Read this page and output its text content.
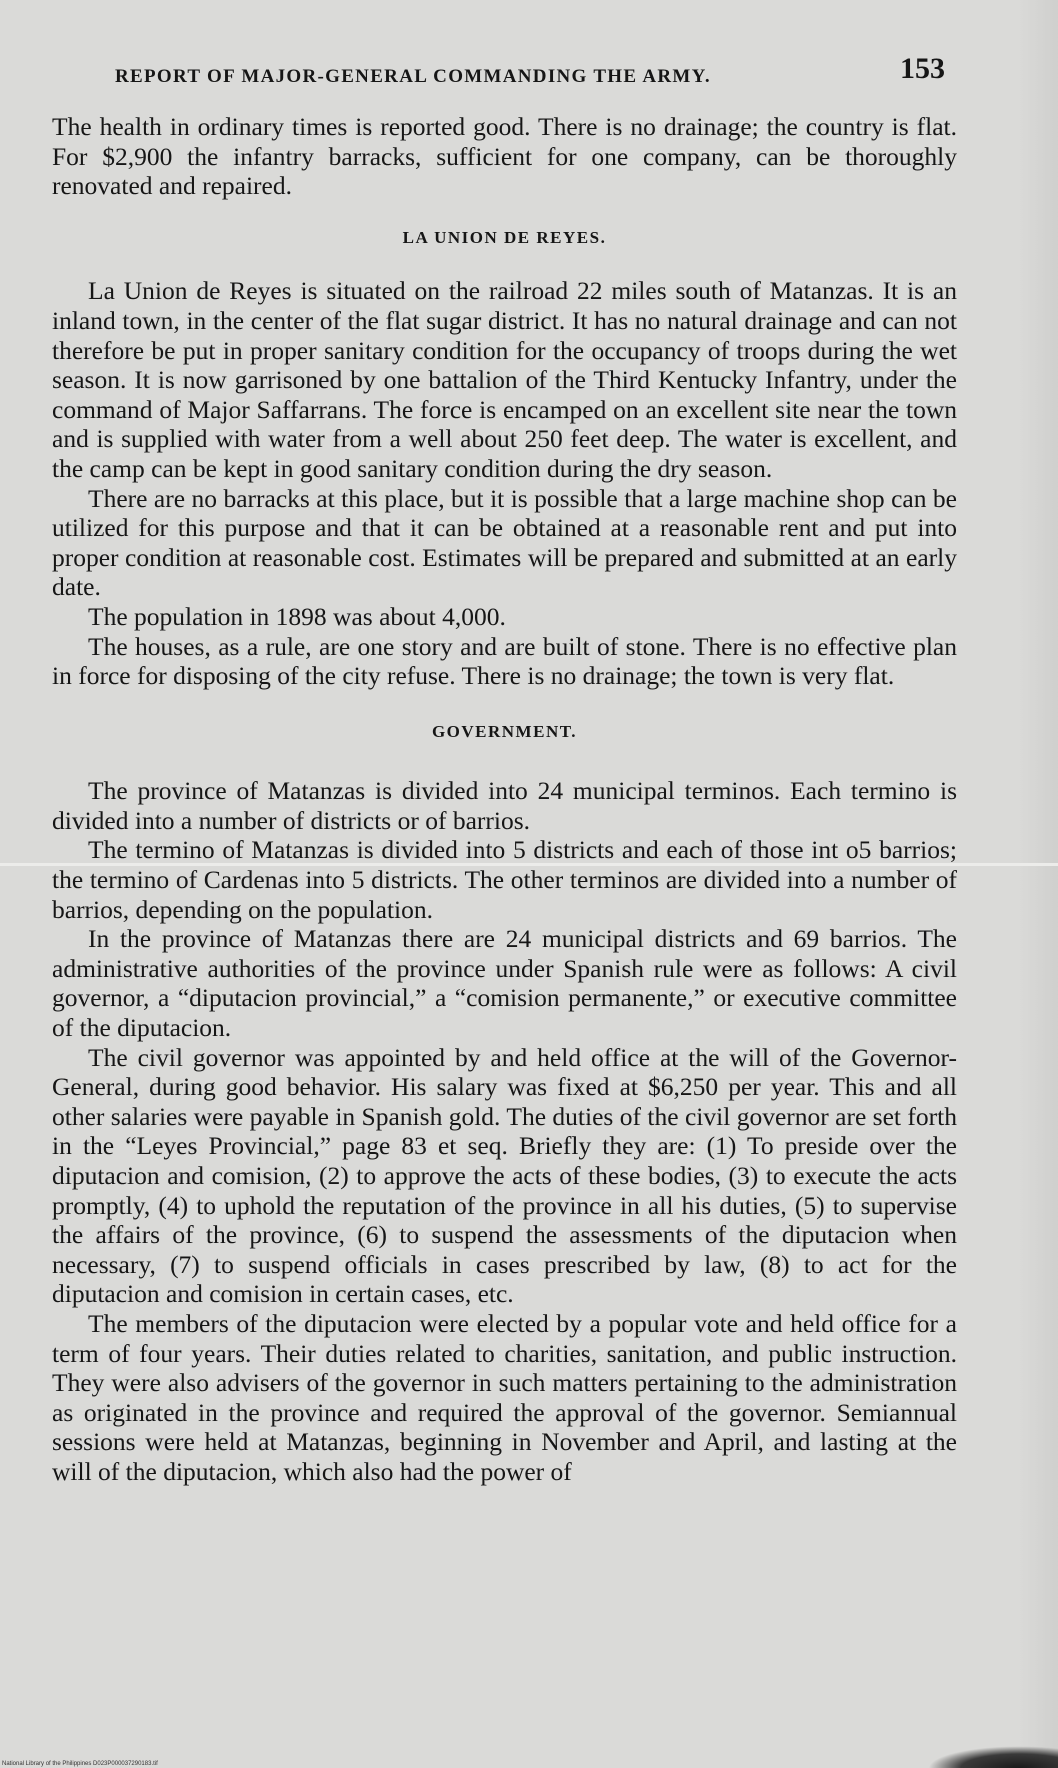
REPORT OF MAJOR-GENERAL COMMANDING THE ARMY.	153

The health in ordinary times is reported good. There is no drainage; the country is flat. For $2,900 the infantry barracks, sufficient for one company, can be thoroughly renovated and repaired.

LA UNION DE REYES.

La Union de Reyes is situated on the railroad 22 miles south of Matanzas. It is an inland town, in the center of the flat sugar district. It has no natural drainage and can not therefore be put in proper sanitary condition for the occupancy of troops during the wet season. It is now garrisoned by one battalion of the Third Kentucky Infantry, under the command of Major Saffarrans. The force is encamped on an excellent site near the town and is supplied with water from a well about 250 feet deep. The water is excellent, and the camp can be kept in good sanitary condition during the dry season.

There are no barracks at this place, but it is possible that a large machine shop can be utilized for this purpose and that it can be obtained at a reasonable rent and put into proper condition at reasonable cost. Estimates will be prepared and submitted at an early date.

The population in 1898 was about 4,000.

The houses, as a rule, are one story and are built of stone. There is no effective plan in force for disposing of the city refuse. There is no drainage; the town is very flat.

GOVERNMENT.

The province of Matanzas is divided into 24 municipal terminos. Each termino is divided into a number of districts or of barrios.

The termino of Matanzas is divided into 5 districts and each of those int o5 barrios; the termino of Cardenas into 5 districts. The other terminos are divided into a number of barrios, depending on the population.

In the province of Matanzas there are 24 municipal districts and 69 barrios. The administrative authorities of the province under Spanish rule were as follows: A civil governor, a “diputacion provincial,” a “comision permanente,” or executive committee of the diputacion.

The civil governor was appointed by and held office at the will of the Governor-General, during good behavior. His salary was fixed at $6,250 per year. This and all other salaries were payable in Spanish gold. The duties of the civil governor are set forth in the “Leyes Provincial,” page 83 et seq. Briefly they are: (1) To preside over the diputacion and comision, (2) to approve the acts of these bodies, (3) to execute the acts promptly, (4) to uphold the reputation of the province in all his duties, (5) to supervise the affairs of the province, (6) to suspend the assessments of the diputacion when necessary, (7) to suspend officials in cases prescribed by law, (8) to act for the diputacion and comision in certain cases, etc.

The members of the diputacion were elected by a popular vote and held office for a term of four years. Their duties related to charities, sanitation, and public instruction. They were also advisers of the governor in such matters pertaining to the administration as originated in the province and required the approval of the governor. Semiannual sessions were held at Matanzas, beginning in November and April, and lasting at the will of the diputacion, which also had the power of

National Library of the Philippines D023P000037290183.tif
